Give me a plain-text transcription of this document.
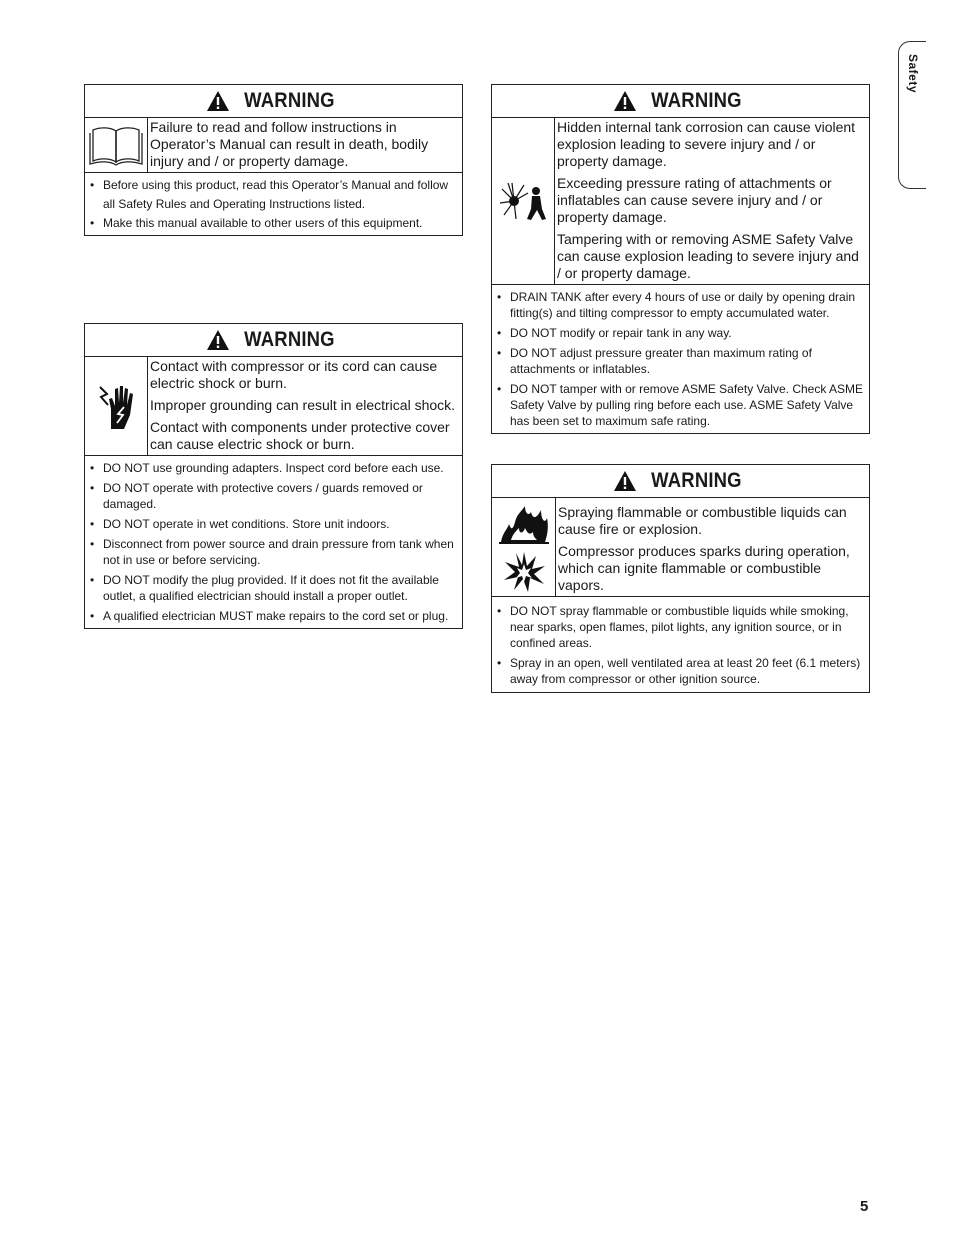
Safety
WARNING

Failure to read and follow instructions in Operator’s Manual can result in death, bodily injury and / or property damage.

• Before using this product, read this Operator’s Manual and follow all Safety Rules and Operating Instructions listed.
• Make this manual available to other users of this equipment.
WARNING

Contact with compressor or its cord can cause electric shock or burn.

Improper grounding can result in electrical shock.

Contact with components under protective cover can cause electric shock or burn.

• DO NOT use grounding adapters. Inspect cord before each use.
• DO NOT operate with protective covers / guards removed or damaged.
• DO NOT operate in wet conditions. Store unit indoors.
• Disconnect from power source and drain pressure from tank when not in use or before servicing.
• DO NOT modify the plug provided. If it does not fit the available outlet, a qualified electrician should install a proper outlet.
• A qualified electrician MUST make repairs to the cord set or plug.
WARNING

Hidden internal tank corrosion can cause violent explosion leading to severe injury and / or property damage.

Exceeding pressure rating of attachments or inflatables can cause severe injury and / or property damage.

Tampering with or removing ASME Safety Valve can cause explosion leading to severe injury and / or property damage.

• DRAIN TANK after every 4 hours of use or daily by opening drain fitting(s) and tilting compressor to empty accumulated water.
• DO NOT modify or repair tank in any way.
• DO NOT adjust pressure greater than maximum rating of attachments or inflatables.
• DO NOT tamper with or remove ASME Safety Valve. Check ASME Safety Valve by pulling ring before each use. ASME Safety Valve has been set to maximum safe rating.
WARNING

Spraying flammable or combustible liquids can cause fire or explosion.

Compressor produces sparks during operation, which can ignite flammable or combustible vapors.

• DO NOT spray flammable or combustible liquids while smoking, near sparks, open flames, pilot lights, any ignition source, or in confined areas.
• Spray in an open, well ventilated area at least 20 feet (6.1 meters) away from compressor or other ignition source.
5
